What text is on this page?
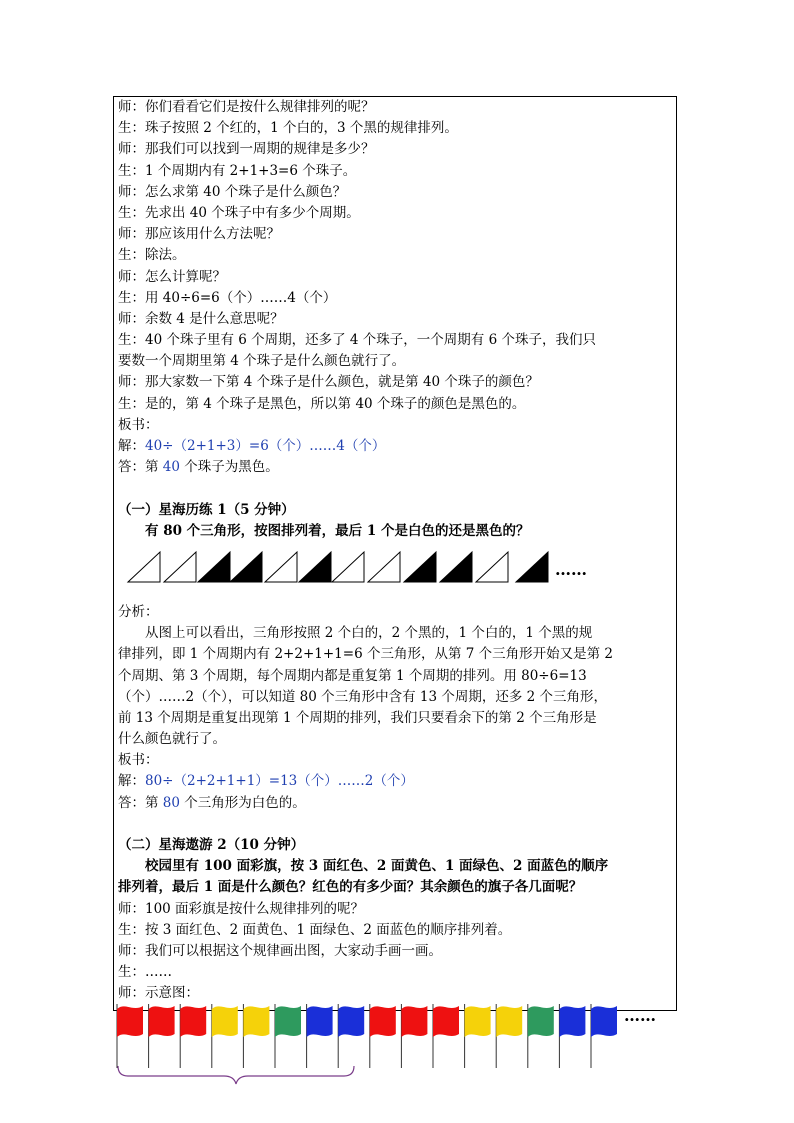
师：你们看看它们是按什么规律排列的呢？
生：珠子按照 2 个红的，1 个白的，3 个黑的规律排列。
师：那我们可以找到一周期的规律是多少？
生：1 个周期内有 2+1+3=6 个珠子。
师：怎么求第 40 个珠子是什么颜色？
生：先求出 40 个珠子中有多少个周期。
师：那应该用什么方法呢？
生：除法。
师：怎么计算呢？
生：用 40÷6=6（个）……4（个）
师：余数 4 是什么意思呢？
生：40 个珠子里有 6 个周期，还多了 4 个珠子，一个周期有 6 个珠子，我们只
要数一个周期里第 4 个珠子是什么颜色就行了。
师：那大家数一下第 4 个珠子是什么颜色，就是第 40 个珠子的颜色？
生：是的，第 4 个珠子是黑色，所以第 40 个珠子的颜色是黑色的。
板书：
解：40÷（2+1+3）=6（个）……4（个）
答：第 40 个珠子为黑色。
（一）星海历练 1（5 分钟）
有 80 个三角形，按图排列着，最后 1 个是白色的还是黑色的？
……
分析：
从图上可以看出，三角形按照 2 个白的，2 个黑的，1 个白的，1 个黑的规
律排列，即 1 个周期内有 2+2+1+1=6 个三角形，从第 7 个三角形开始又是第 2
个周期、第 3 个周期，每个周期内都是重复第 1 个周期的排列。用 80÷6=13
（个）……2（个），可以知道 80 个三角形中含有 13 个周期，还多 2 个三角形，
前 13 个周期是重复出现第 1 个周期的排列，我们只要看余下的第 2 个三角形是
什么颜色就行了。
板书：
解：80÷（2+2+1+1）=13（个）……2（个）
答：第 80 个三角形为白色的。
（二）星海遨游 2（10 分钟）
校园里有 100 面彩旗，按 3 面红色、2 面黄色、1 面绿色、2 面蓝色的顺序
排列着，最后 1 面是什么颜色？红色的有多少面？其余颜色的旗子各几面呢？
师：100 面彩旗是按什么规律排列的呢？
生：按 3 面红色、2 面黄色、1 面绿色、2 面蓝色的顺序排列着。
师：我们可以根据这个规律画出图，大家动手画一画。
生：……
师：示意图：
……
